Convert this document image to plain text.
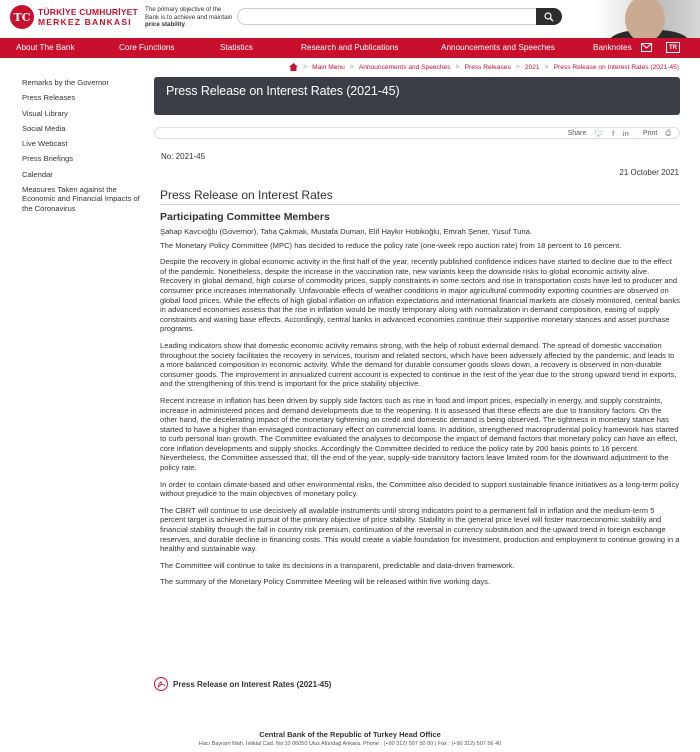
TC TÜRKİYE CUMHURİYET
MERKEZ BANKASI
The primary objective of the Bank is to achieve and maintain price stability.
About The Bank	Core Functions	Statistics	Research and Publications	Announcements and Speeches	Banknotes	TR
Remarks by the Governor
Press Releases
Visual Library
Social Media
Live Webcast
Press Briefings
Calendar
Measures Taken against the Economic and Financial Impacts of the Coronavirus
> Main Menu > Announcements and Speeches > Press Releases > 2021 > Press Release on Interest Rates (2021-45)
Press Release on Interest Rates (2021-45)
Share 🐦︎ f in Print ⎙
No: 2021-45
21 October 2021
Press Release on Interest Rates
Participating Committee Members

Şahap Kavcıoğlu (Governor), Taha Çakmak, Mustafa Duman, Elif Haykır Hobikoğlu, Emrah Şener, Yusuf Tuna.

The Monetary Policy Committee (MPC) has decided to reduce the policy rate (one-week repo auction rate) from 18 percent to 16 percent.

Despite the recovery in global economic activity in the first half of the year, recently published confidence indices have started to decline due to the effect of the pandemic. Nonetheless, despite the increase in the vaccination rate, new variants keep the downside risks to global economic activity alive. Recovery in global demand, high course of commodity prices, supply constraints in some sectors and rise in transportation costs have led to producer and consumer price increases internationally. Unfavorable effects of weather conditions in major agricultural commodity exporting countries are observed on global food prices. While the effects of high global inflation on inflation expectations and international financial markets are closely monitored, central banks in advanced economies assess that the rise in inflation would be mostly temporary along with normalization in demand composition, easing of supply constraints and waning base effects. Accordingly, central banks in advanced economies continue their supportive monetary stances and asset purchase programs.

Leading indicators show that domestic economic activity remains strong, with the help of robust external demand. The spread of domestic vaccination throughout the society facilitates the recovery in services, tourism and related sectors, which have been adversely affected by the pandemic, and leads to a more balanced composition in economic activity. While the demand for durable consumer goods slows down, a recovery is observed in non-durable consumer goods. The improvement in annualized current account is expected to continue in the rest of the year due to the strong upward trend in exports, and the strengthening of this trend is important for the price stability objective.

Recent increase in inflation has been driven by supply side factors such as rise in food and import prices, especially in energy, and supply constraints, increase in administered prices and demand developments due to the reopening. It is assessed that these effects are due to transitory factors. On the other hand, the decelerating impact of the monetary tightening on credit and domestic demand is being observed. The tightness in monetary stance has started to have a higher than envisaged contractionary effect on commercial loans. In addition, strengthened macroprudential policy framework has started to curb personal loan growth. The Committee evaluated the analyses to decompose the impact of demand factors that monetary policy can have an effect, core inflation developments and supply shocks. Accordingly the Committee decided to reduce the policy rate by 200 basis points to 16 percent. Nevertheless, the Committee assessed that, till the end of the year, supply-side transitory factors leave limited room for the downward adjustment to the policy rate.

In order to contain climate-based and other environmental risks, the Committee also decided to support sustainable finance initiatives as a long-term policy without prejudice to the main objectives of monetary policy.

The CBRT will continue to use decisively all available instruments until strong indicators point to a permanent fall in inflation and the medium-term 5 percent target is achieved in pursuit of the primary objective of price stability. Stability in the general price level will foster macroeconomic stability and financial stability through the fall in country risk premium, continuation of the reversal in currency substitution and the upward trend in foreign exchange reserves, and durable decline in financing costs. This would create a viable foundation for investment, production and employment to continue growing in a healthy and sustainable way.

The Committee will continue to take its decisions in a transparent, predictable and data-driven framework.

The summary of the Monetary Policy Committee Meeting will be released within five working days.

Press Release on Interest Rates (2021-45)
Central Bank of the Republic of Turkey Head Office
Hacı Bayram Mah. İstiklal Cad. No:10 06050 Ulus Altındağ Ankara. Phone : (+90 312) 507 50 00 | Fax : (+90 312) 507 56 40
